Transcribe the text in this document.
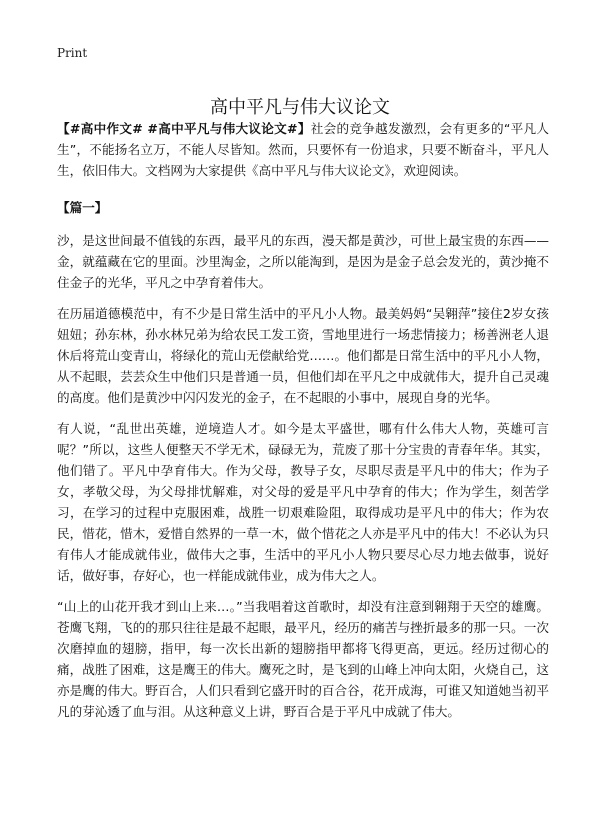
Print
高中平凡与伟大议论文

【#高中作文# #高中平凡与伟大议论文#】社会的竞争越发激烈，会有更多的“平凡人生”，不能扬名立万，不能人尽皆知。然而，只要怀有一份追求，只要不断奋斗，平凡人生，依旧伟大。文档网为大家提供《高中平凡与伟大议论文》，欢迎阅读。

【篇一】

沙，是这世间最不值钱的东西，最平凡的东西，漫天都是黄沙，可世上最宝贵的东西——金，就蕴藏在它的里面。沙里淘金，之所以能淘到，是因为是金子总会发光的，黄沙掩不住金子的光华，平凡之中孕育着伟大。

在历届道德模范中，有不少是日常生活中的平凡小人物。最美妈妈“吴翱萍”接住2岁女孩妞妞；孙东林，孙水林兄弟为给农民工发工资，雪地里进行一场悲情接力；杨善洲老人退休后将荒山变青山，将绿化的荒山无偿献给党……。他们都是日常生活中的平凡小人物，从不起眼，芸芸众生中他们只是普通一员，但他们却在平凡之中成就伟大，提升自己灵魂的高度。他们是黄沙中闪闪发光的金子，在不起眼的小事中，展现自身的光华。

有人说，“乱世出英雄，逆境造人才。如今是太平盛世，哪有什么伟大人物，英雄可言呢？”所以，这些人便整天不学无术，碌碌无为，荒废了那十分宝贵的青春年华。其实，他们错了。平凡中孕育伟大。作为父母，教导子女，尽职尽责是平凡中的伟大；作为子女，孝敬父母，为父母排忧解难，对父母的爱是平凡中孕育的伟大；作为学生，刻苦学习，在学习的过程中克服困难，战胜一切艰难险阻，取得成功是平凡中的伟大；作为农民，惜花，惜木，爱惜自然界的一草一木，做个惜花之人亦是平凡中的伟大！不必认为只有伟人才能成就伟业，做伟大之事，生活中的平凡小人物只要尽心尽力地去做事，说好话，做好事，存好心，也一样能成就伟业，成为伟大之人。

“山上的山花开我才到山上来…。”当我唱着这首歌时，却没有注意到翱翔于天空的雄鹰。苍鹰飞翔，飞的的那只往往是最不起眼，最平凡，经历的痛苦与挫折最多的那一只。一次次磨掉血的翅膀，指甲，每一次长出新的翅膀指甲都将飞得更高，更远。经历过彻心的痛，战胜了困难，这是鹰王的伟大。鹰死之时，是飞到的山峰上冲向太阳，火烧自己，这亦是鹰的伟大。野百合，人们只看到它盛开时的百合谷，花开成海，可谁又知道她当初平凡的芽沁透了血与泪。从这种意义上讲，野百合是于平凡中成就了伟大。
